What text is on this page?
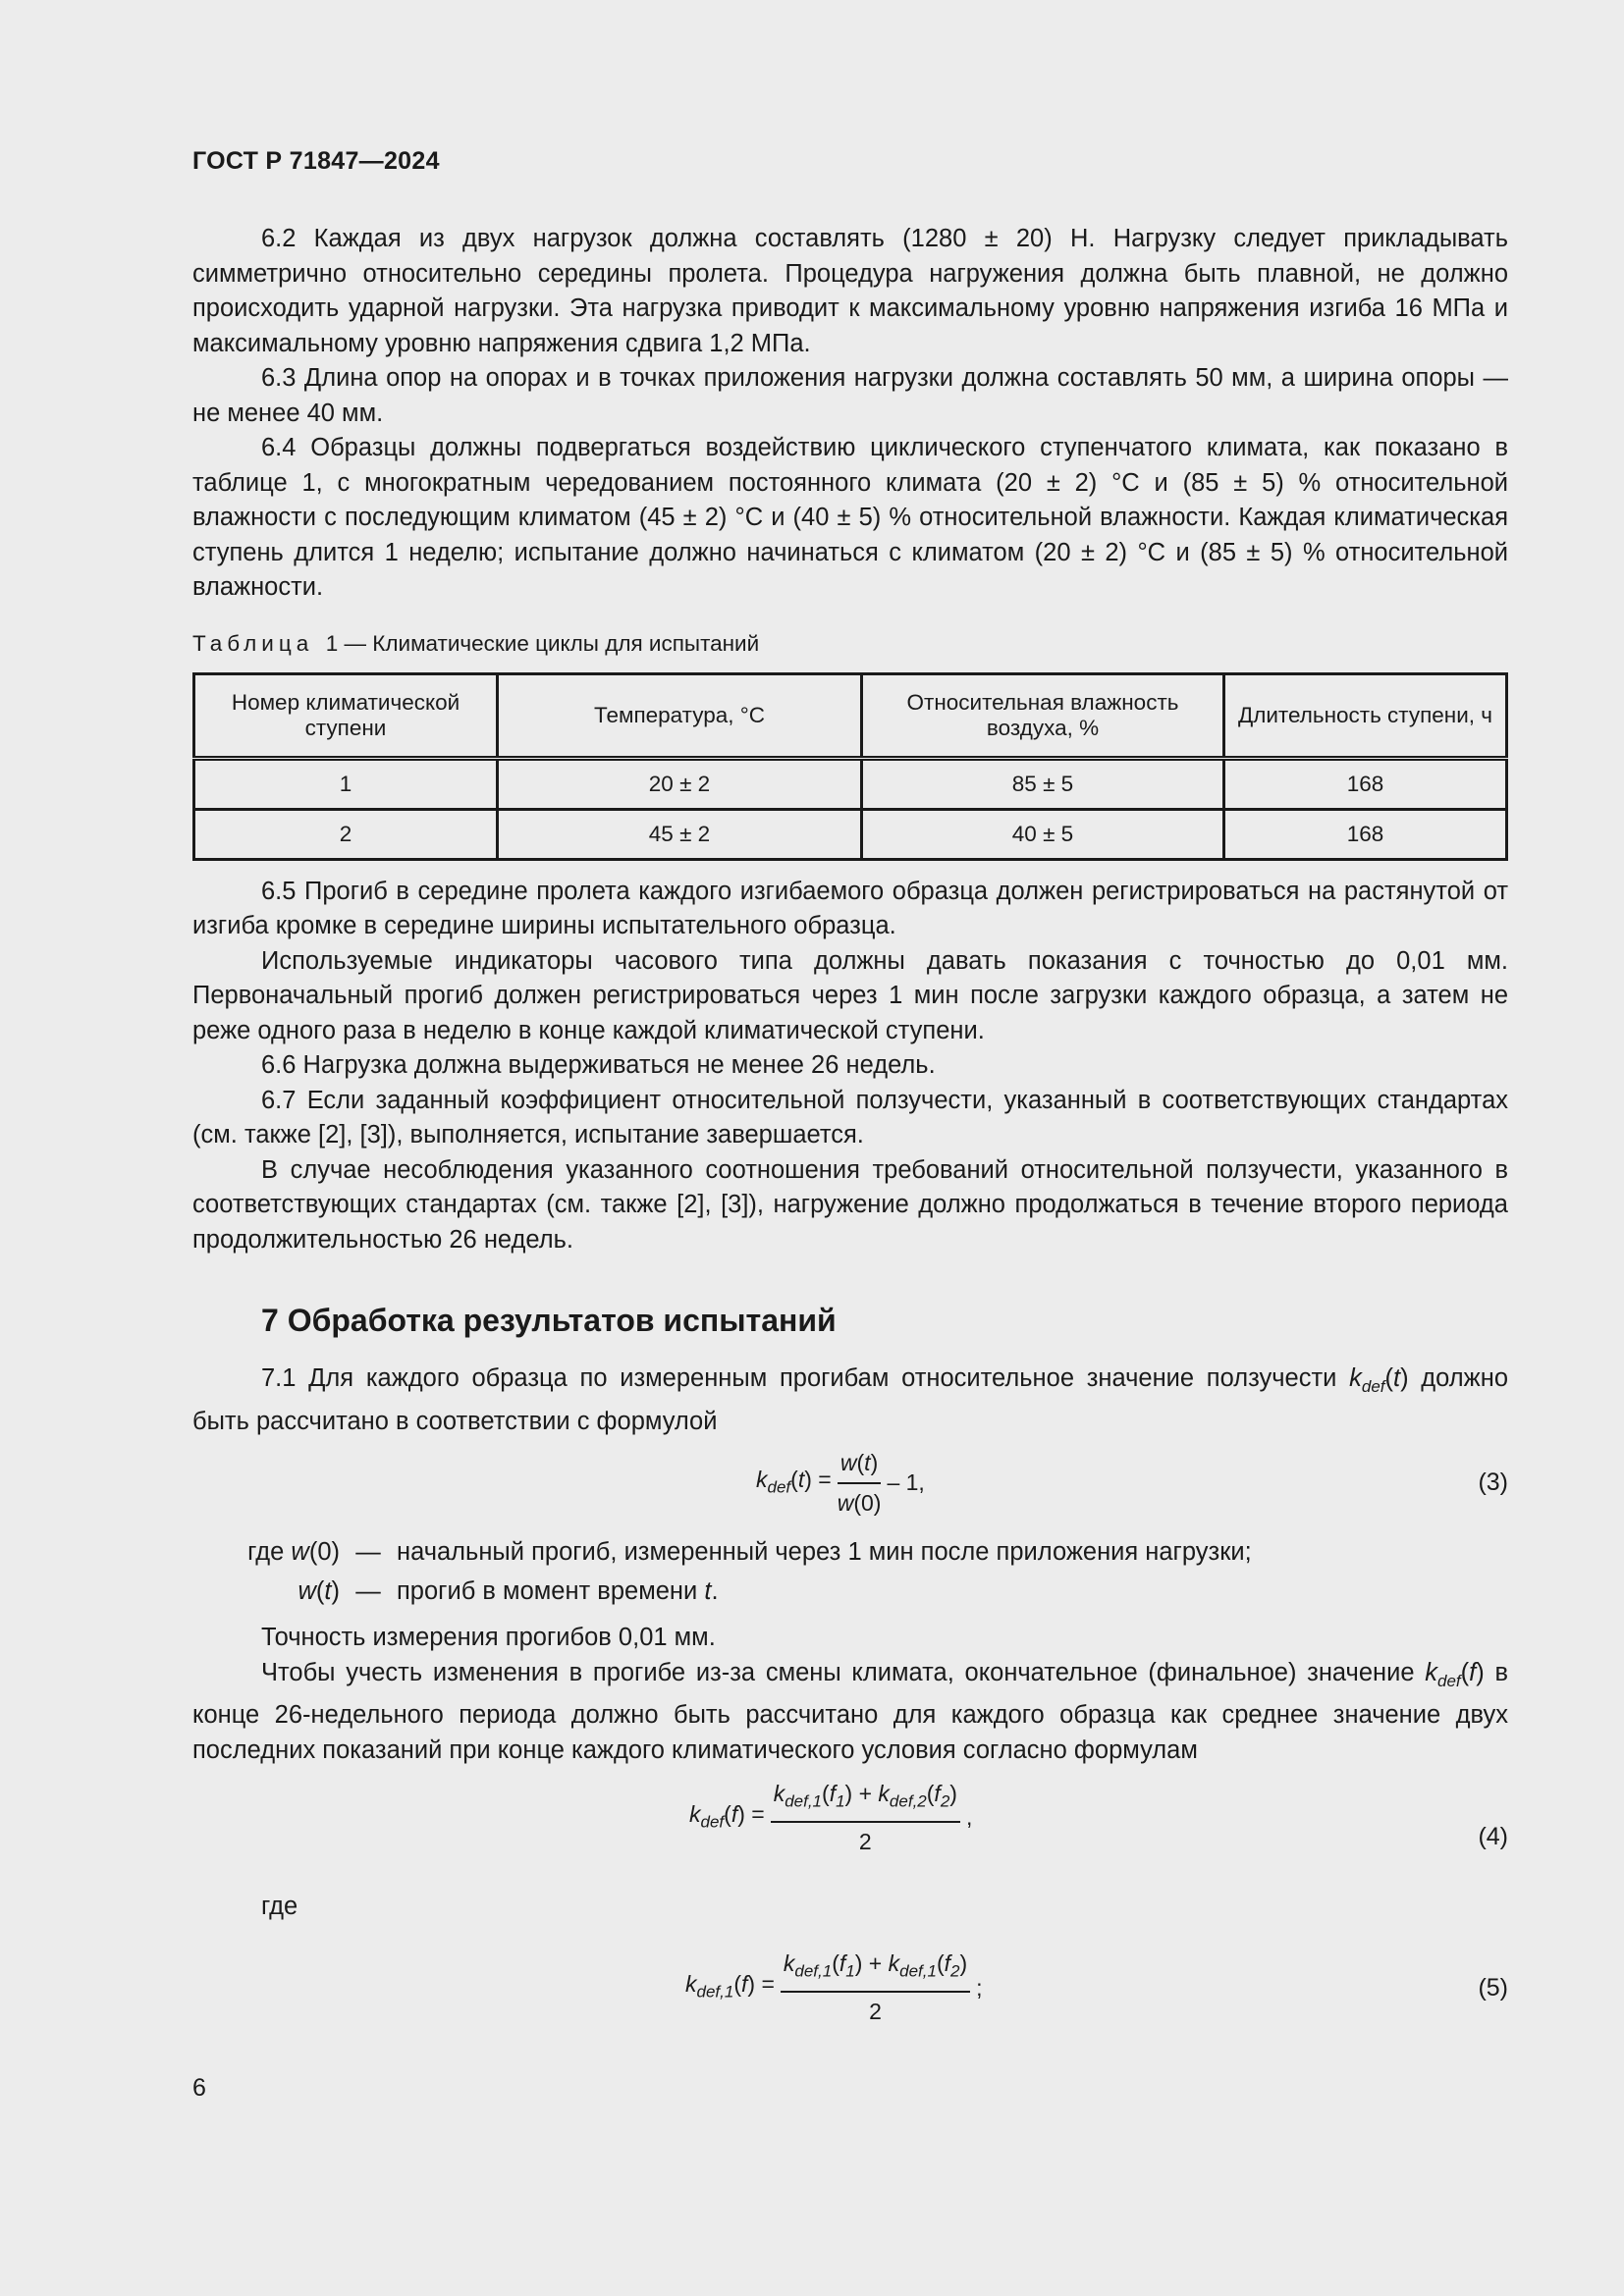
ГОСТ Р 71847—2024

6.2 Каждая из двух нагрузок должна составлять (1280 ± 20) Н. Нагрузку следует прикладывать симметрично относительно середины пролета. Процедура нагружения должна быть плавной, не должно происходить ударной нагрузки. Эта нагрузка приводит к максимальному уровню напряжения изгиба 16 МПа и максимальному уровню напряжения сдвига 1,2 МПа.

6.3 Длина опор на опорах и в точках приложения нагрузки должна составлять 50 мм, а ширина опоры — не менее 40 мм.

6.4 Образцы должны подвергаться воздействию циклического ступенчатого климата, как показано в таблице 1, с многократным чередованием постоянного климата (20 ± 2) °С и (85 ± 5) % относительной влажности с последующим климатом (45 ± 2) °С и (40 ± 5) % относительной влажности. Каждая климатическая ступень длится 1 неделю; испытание должно начинаться с климатом (20 ± 2) °С и (85 ± 5) % относительной влажности.

Таблица 1 — Климатические циклы для испытаний
Номер климатической ступени	Температура, °С	Относительная влажность воздуха, %	Длительность ступени, ч
1	20 ± 2	85 ± 5	168
2	45 ± 2	40 ± 5	168

6.5 Прогиб в середине пролета каждого изгибаемого образца должен регистрироваться на растянутой от изгиба кромке в середине ширины испытательного образца.

Используемые индикаторы часового типа должны давать показания с точностью до 0,01 мм. Первоначальный прогиб должен регистрироваться через 1 мин после загрузки каждого образца, а затем не реже одного раза в неделю в конце каждой климатической ступени.

6.6 Нагрузка должна выдерживаться не менее 26 недель.

6.7 Если заданный коэффициент относительной ползучести, указанный в соответствующих стандартах (см. также [2], [3]), выполняется, испытание завершается.

В случае несоблюдения указанного соотношения требований относительной ползучести, указанного в соответствующих стандартах (см. также [2], [3]), нагружение должно продолжаться в течение второго периода продолжительностью 26 недель.

7 Обработка результатов испытаний

7.1 Для каждого образца по измеренным прогибам относительное значение ползучести $k_{def}(t)$ должно быть рассчитано в соответствии с формулой

$k_{def}(t) = \frac{w(t)}{w(0)} - 1$,	(3)
где w(0) — начальный прогиб, измеренный через 1 мин после приложения нагрузки;
w(t) — прогиб в момент времени t.

Точность измерения прогибов 0,01 мм.

Чтобы учесть изменения в прогибе из-за смены климата, окончательное (финальное) значение $k_{def}(f)$ в конце 26-недельного периода должно быть рассчитано для каждого образца как среднее значение двух последних показаний при конце каждого климатического условия согласно формулам

$k_{def}(f) = \frac{k_{def,1}(f_1) + k_{def,2}(f_2)}{2}$ ,
(4)

где

$k_{def,1}(f) = \frac{k_{def,1}(f_1) + k_{def,1}(f_2)}{2}$ ;	(5)
6
